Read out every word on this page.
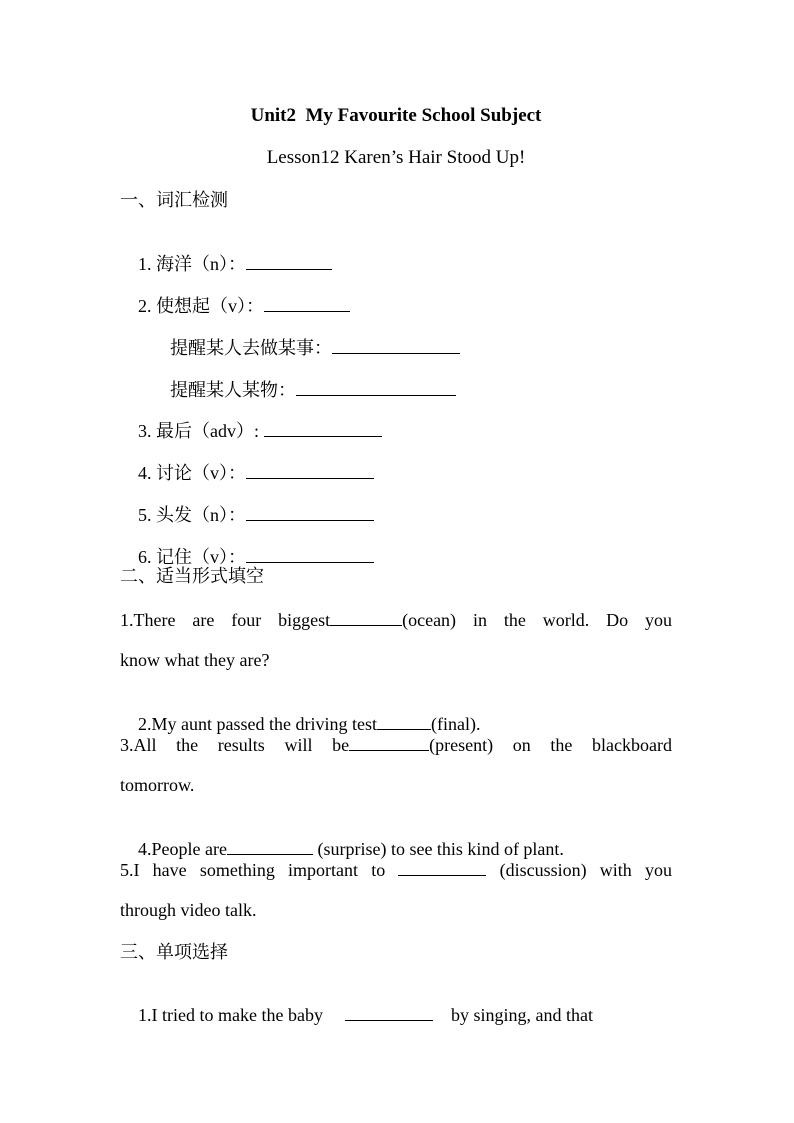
Unit2  My Favourite School Subject
Lesson12 Karen’s Hair Stood Up!
一、词汇检测

1. 海洋（n）：

2. 使想起（v）：

提醒某人去做某事：

提醒某人某物：

3. 最后（adv）:

4. 讨论（v）：

5. 头发（n）：

6. 记住（v）：

二、适当形式填空
1.There are four biggest	(ocean) in the world. Do you
know what they are?

2.My aunt passed the driving test	(final).

3.All the results will be	(present) on the blackboard
tomorrow.

4.People are	(surprise) to see this kind of plant.

5.I have something important to	(discussion) with you
through video talk.
三、单项选择

1.I tried to make the baby	by singing, and that
